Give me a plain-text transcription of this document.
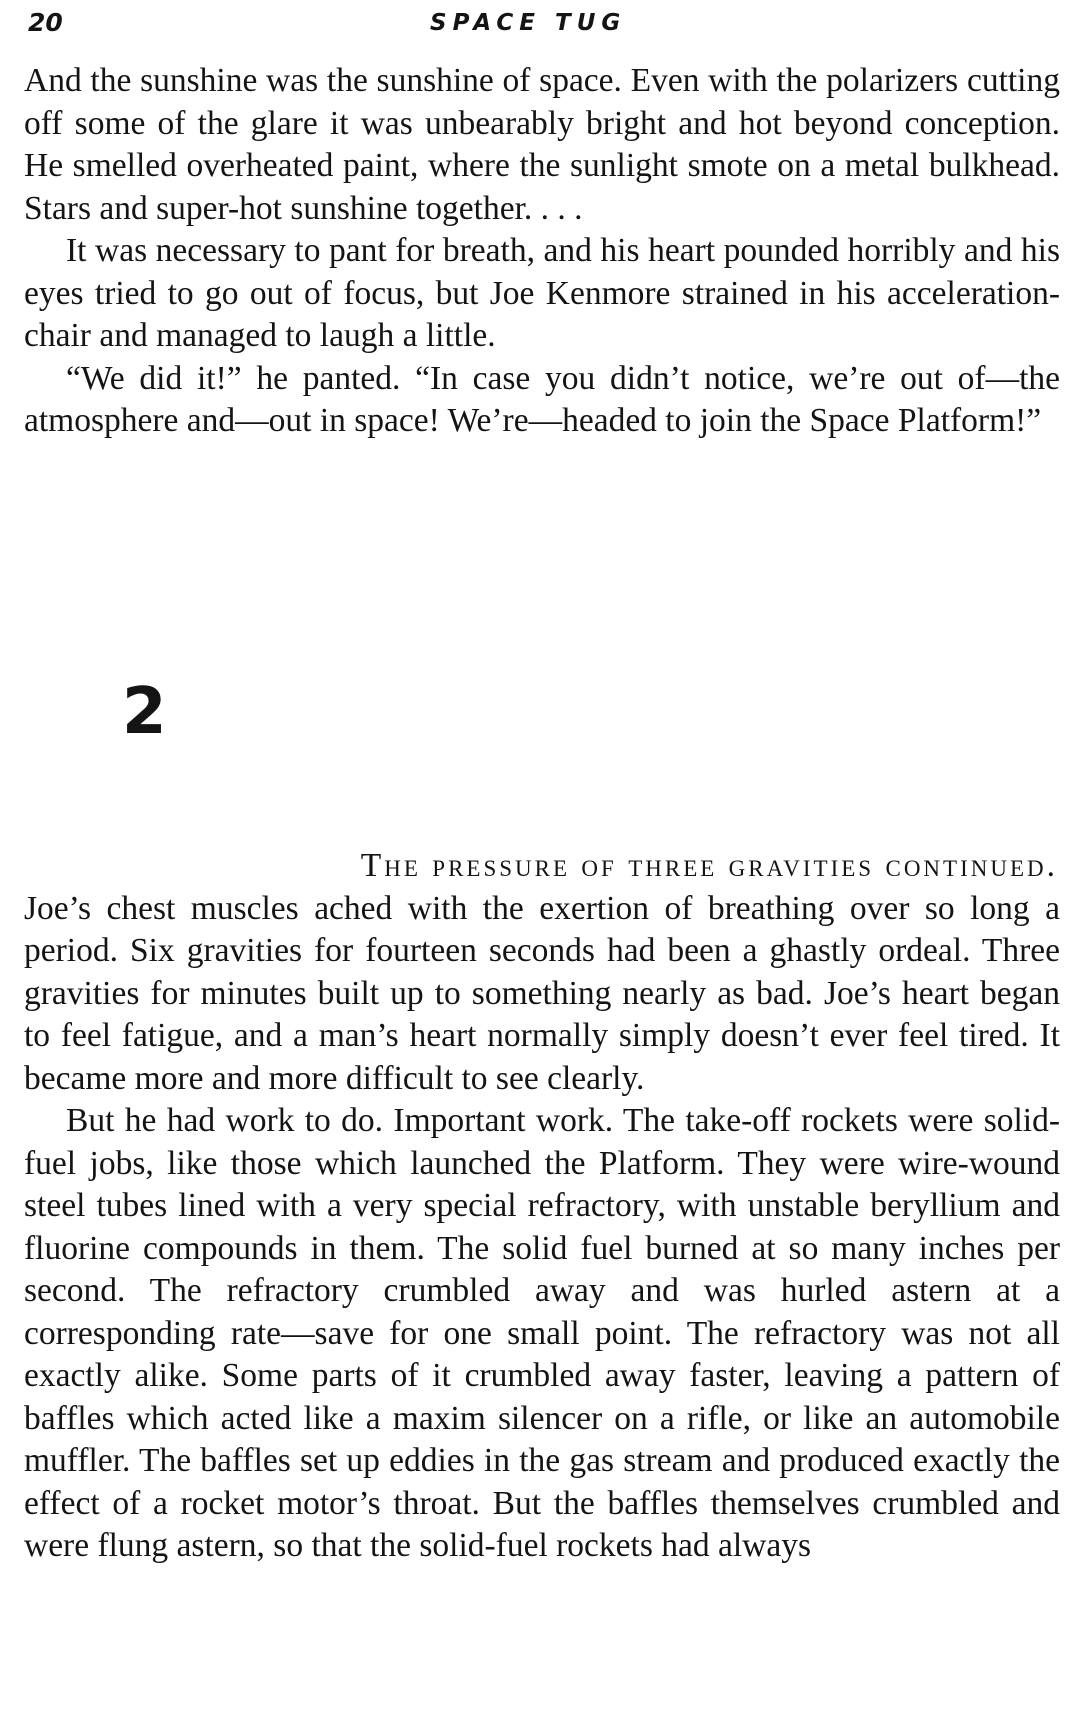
20	SPACE TUG

And the sunshine was the sunshine of space. Even with the polarizers cutting off some of the glare it was unbearably bright and hot beyond conception. He smelled overheated paint, where the sunlight smote on a metal bulkhead. Stars and super-hot sunshine together. . . .

It was necessary to pant for breath, and his heart pounded horribly and his eyes tried to go out of focus, but Joe Kenmore strained in his acceleration-chair and managed to laugh a little.

“We did it!” he panted. “In case you didn’t notice, we’re out of—the atmosphere and—out in space! We’re—headed to join the Space Platform!”

2

The pressure of three gravities continued.

Joe’s chest muscles ached with the exertion of breathing over so long a period. Six gravities for fourteen seconds had been a ghastly ordeal. Three gravities for minutes built up to something nearly as bad. Joe’s heart began to feel fatigue, and a man’s heart normally simply doesn’t ever feel tired. It became more and more difficult to see clearly.

But he had work to do. Important work. The take-off rockets were solid-fuel jobs, like those which launched the Platform. They were wire-wound steel tubes lined with a very special refractory, with unstable beryllium and fluorine compounds in them. The solid fuel burned at so many inches per second. The refractory crumbled away and was hurled astern at a corresponding rate—save for one small point. The refractory was not all exactly alike. Some parts of it crumbled away faster, leaving a pattern of baffles which acted like a maxim silencer on a rifle, or like an automobile muffler. The baffles set up eddies in the gas stream and produced exactly the effect of a rocket motor’s throat. But the baffles themselves crumbled and were flung astern, so that the solid-fuel rockets had always
